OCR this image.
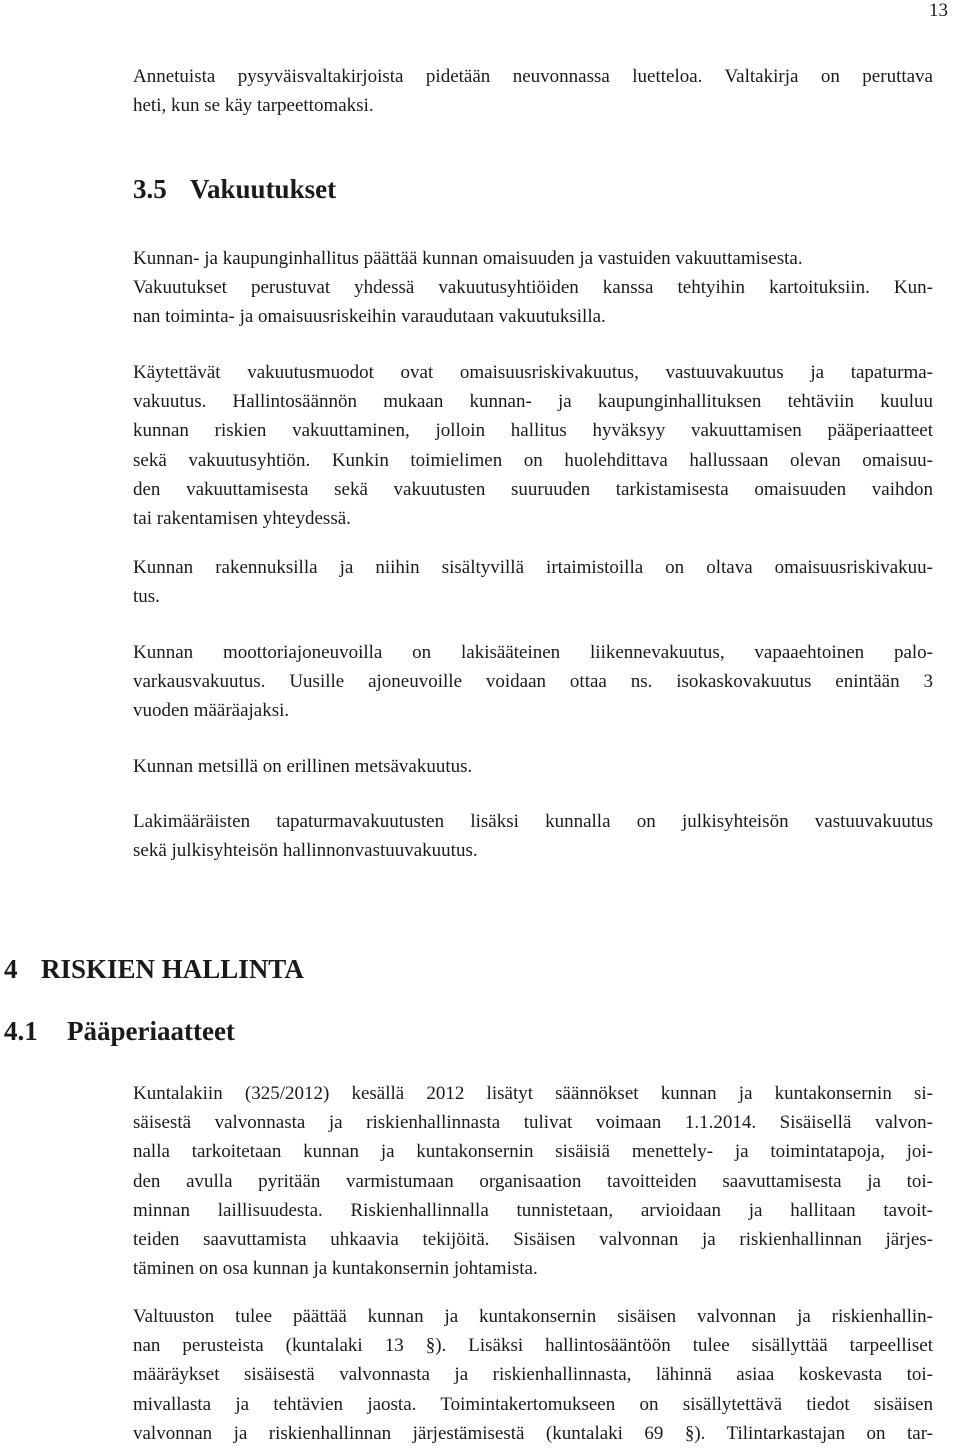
13

Annetuista pysyväisvaltakirjoista pidetään neuvonnassa luetteloa. Valtakirja on peruttava
heti, kun se käy tarpeettomaksi.

3.5 Vakuutukset

Kunnan- ja kaupunginhallitus päättää kunnan omaisuuden ja vastuiden vakuuttamisesta.
Vakuutukset perustuvat yhdessä vakuutusyhtiöiden kanssa tehtyihin kartoituksiin. Kun-
nan toiminta- ja omaisuusriskeihin varaudutaan vakuutuksilla.

Käytettävät vakuutusmuodot ovat omaisuusriskivakuutus, vastuuvakuutus ja tapaturma-
vakuutus. Hallintosäännön mukaan kunnan- ja kaupunginhallituksen tehtäviin kuuluu
kunnan riskien vakuuttaminen, jolloin hallitus hyväksyy vakuuttamisen pääperiaatteet
sekä vakuutusyhtiön. Kunkin toimielimen on huolehdittava hallussaan olevan omaisuu-
den vakuuttamisesta sekä vakuutusten suuruuden tarkistamisesta omaisuuden vaihdon
tai rakentamisen yhteydessä.

Kunnan rakennuksilla ja niihin sisältyvillä irtaimistoilla on oltava omaisuusriskivakuu-
tus.

Kunnan moottoriajoneuvoilla on lakisääteinen liikennevakuutus, vapaaehtoinen palo-
varkausvakuutus. Uusille ajoneuvoille voidaan ottaa ns. isokaskovakuutus enintään 3
vuoden määräajaksi.

Kunnan metsillä on erillinen metsävakuutus.

Lakimääräisten tapaturmavakuutusten lisäksi kunnalla on julkisyhteisön vastuuvakuutus
sekä julkisyhteisön hallinnonvastuuvakuutus.

4 RISKIEN HALLINTA
4.1 Pääperiaatteet

Kuntalakiin (325/2012) kesällä 2012 lisätyt säännökset kunnan ja kuntakonsernin si-
säisestä valvonnasta ja riskienhallinnasta tulivat voimaan 1.1.2014. Sisäisellä valvon-
nalla tarkoitetaan kunnan ja kuntakonsernin sisäisiä menettely- ja toimintatapoja, joi-
den avulla pyritään varmistumaan organisaation tavoitteiden saavuttamisesta ja toi-
minnan laillisuudesta. Riskienhallinnalla tunnistetaan, arvioidaan ja hallitaan tavoit-
teiden saavuttamista uhkaavia tekijöitä. Sisäisen valvonnan ja riskienhallinnan järjes-
täminen on osa kunnan ja kuntakonsernin johtamista.

Valtuuston tulee päättää kunnan ja kuntakonsernin sisäisen valvonnan ja riskienhallin-
nan perusteista (kuntalaki 13 §). Lisäksi hallintosääntöön tulee sisällyttää tarpeelliset
määräykset sisäisestä valvonnasta ja riskienhallinnasta, lähinnä asiaa koskevasta toi-
mivallasta ja tehtävien jaosta. Toimintakertomukseen on sisällytettävä tiedot sisäisen
valvonnan ja riskienhallinnan järjestämisestä (kuntalaki 69 §). Tilintarkastajan on tar-
